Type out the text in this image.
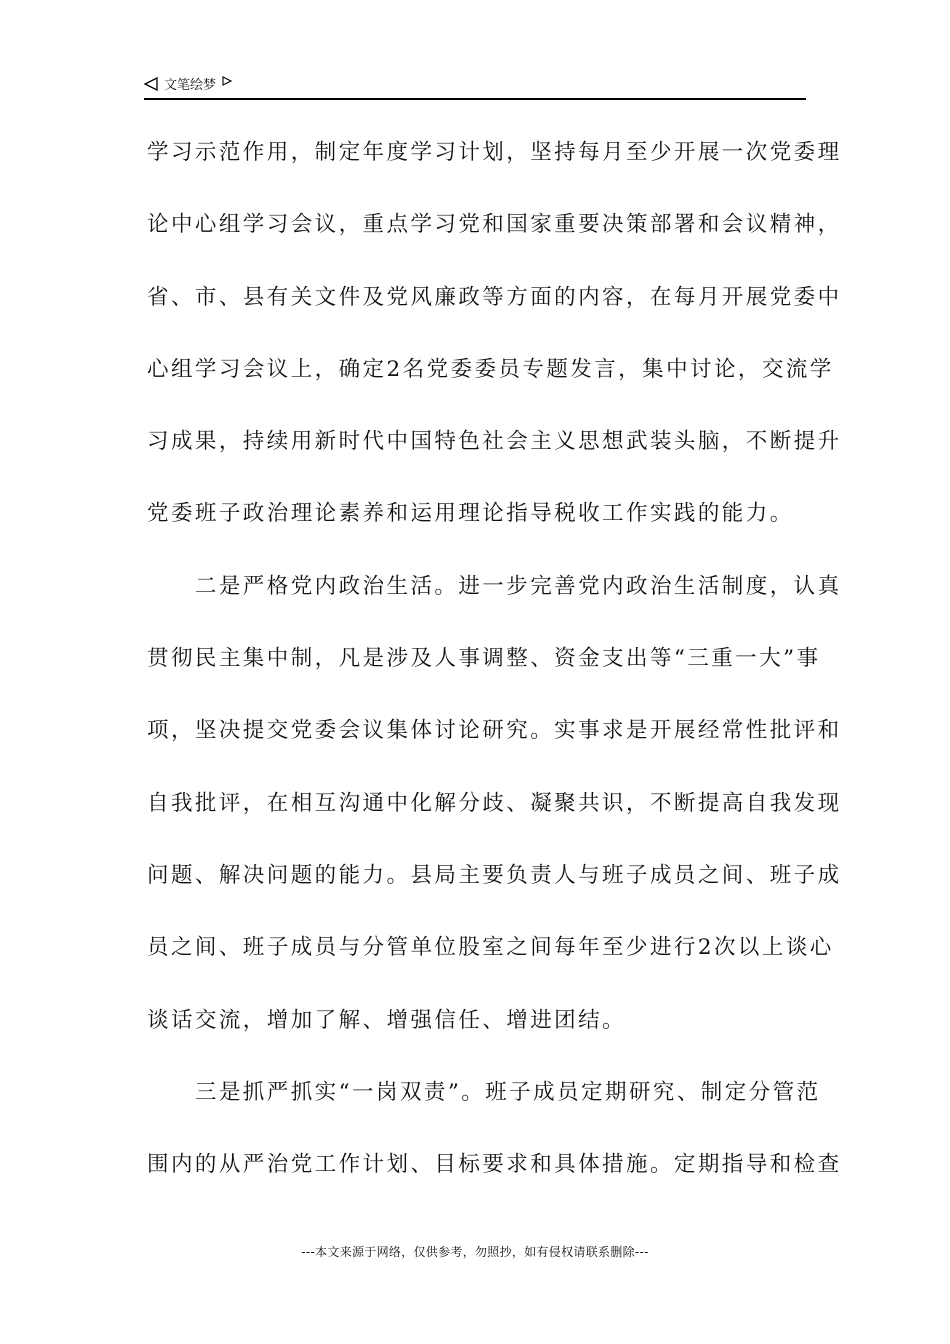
文笔绘梦
学习示范作用，制定年度学习计划，坚持每月至少开展一次党委理
论中心组学习会议，重点学习党和国家重要决策部署和会议精神，
省、市、县有关文件及党风廉政等方面的内容，在每月开展党委中
心组学习会议上，确定2名党委委员专题发言，集中讨论，交流学
习成果，持续用新时代中国特色社会主义思想武装头脑，不断提升
党委班子政治理论素养和运用理论指导税收工作实践的能力。
　　二是严格党内政治生活。进一步完善党内政治生活制度，认真
贯彻民主集中制，凡是涉及人事调整、资金支出等“三重一大”事
项，坚决提交党委会议集体讨论研究。实事求是开展经常性批评和
自我批评，在相互沟通中化解分歧、凝聚共识，不断提高自我发现
问题、解决问题的能力。县局主要负责人与班子成员之间、班子成
员之间、班子成员与分管单位股室之间每年至少进行2次以上谈心
谈话交流，增加了解、增强信任、增进团结。
　　三是抓严抓实“一岗双责”。班子成员定期研究、制定分管范
围内的从严治党工作计划、目标要求和具体措施。定期指导和检查
---本文来源于网络，仅供参考，勿照抄，如有侵权请联系删除---
